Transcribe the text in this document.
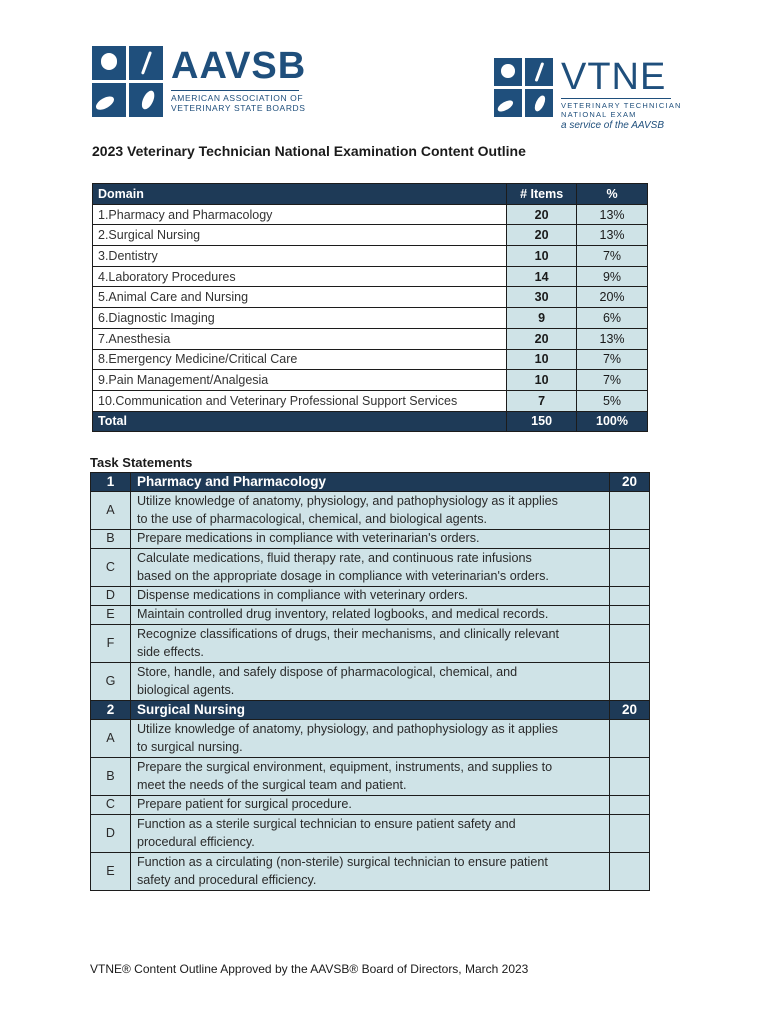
AAVSB
AMERICAN ASSOCIATION OF
VETERINARY STATE BOARDS
VTNE
VETERINARY TECHNICIAN
NATIONAL EXAM
a service of the AAVSB
2023 Veterinary Technician National Examination Content Outline
Domain	# Items	%
1.Pharmacy and Pharmacology	20	13%
2.Surgical Nursing	20	13%
3.Dentistry	10	7%
4.Laboratory Procedures	14	9%
5.Animal Care and Nursing	30	20%
6.Diagnostic Imaging	9	6%
7.Anesthesia	20	13%
8.Emergency Medicine/Critical Care	10	7%
9.Pain Management/Analgesia	10	7%
10.Communication and Veterinary Professional Support Services	7	5%
Total	150	100%
Task Statements
1	Pharmacy and Pharmacology	20
A	Utilize knowledge of anatomy, physiology, and pathophysiology as it applies
to the use of pharmacological, chemical, and biological agents.	

B	Prepare medications in compliance with veterinarian's orders.	

C	Calculate medications, fluid therapy rate, and continuous rate infusions
based on the appropriate dosage in compliance with veterinarian's orders.	

D	Dispense medications in compliance with veterinary orders.	

E	Maintain controlled drug inventory, related logbooks, and medical records.	

F	Recognize classifications of drugs, their mechanisms, and clinically relevant
side effects.	

G	Store, handle, and safely dispose of pharmacological, chemical, and
biological agents.	

2	Surgical Nursing	20
A	Utilize knowledge of anatomy, physiology, and pathophysiology as it applies
to surgical nursing.	

B	Prepare the surgical environment, equipment, instruments, and supplies to
meet the needs of the surgical team and patient.	

C	Prepare patient for surgical procedure.	

D	Function as a sterile surgical technician to ensure patient safety and
procedural efficiency.	

E	Function as a circulating (non-sterile) surgical technician to ensure patient
safety and procedural efficiency.	

VTNE® Content Outline Approved by the AAVSB® Board of Directors, March 2023
